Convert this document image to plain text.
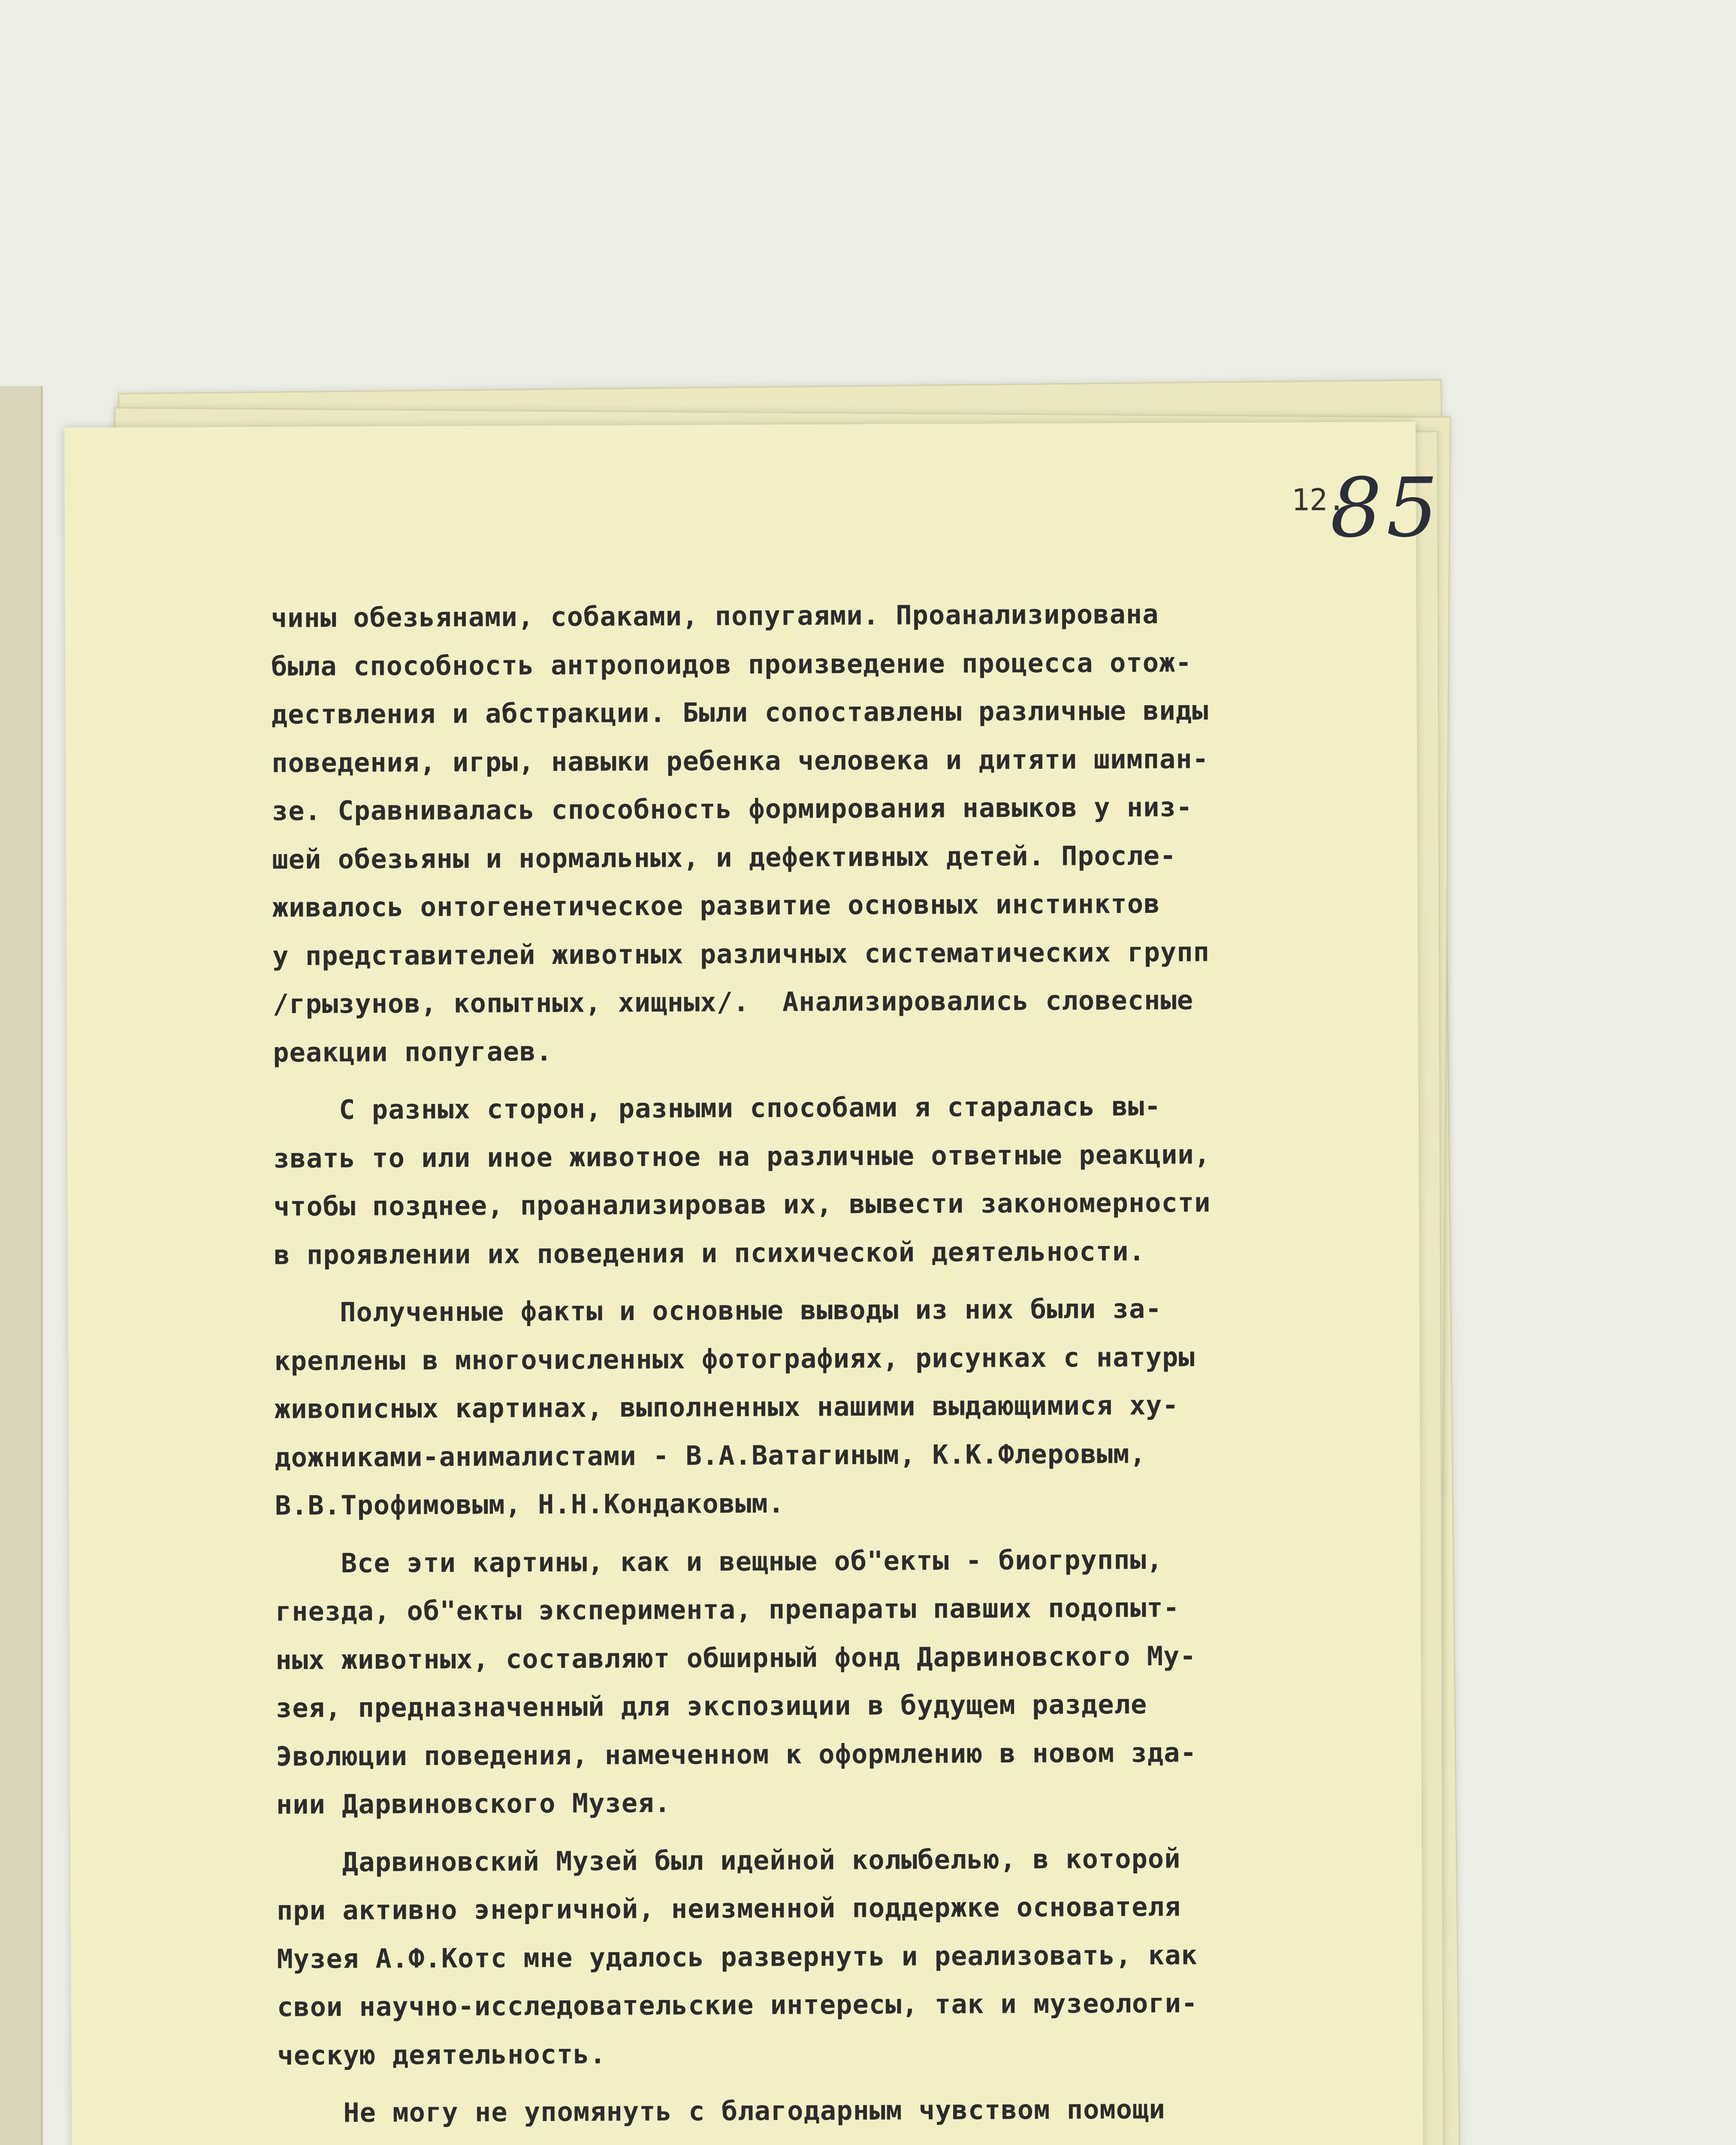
12.
85
чины обезьянами, собаками, попугаями. Проанализирована
была способность антропоидов произведение процесса отож-
дествления и абстракции. Были сопоставлены различные виды
поведения, игры, навыки ребенка человека и дитяти шимпан-
зе. Сравнивалась способность формирования навыков у низ-
шей обезьяны и нормальных, и дефективных детей. Просле-
живалось онтогенетическое развитие основных инстинктов
у представителей животных различных систематических групп
/грызунов, копытных, хищных/.  Анализировались словесные
реакции попугаев.
С разных сторон, разными способами я старалась вы-
звать то или иное животное на различные ответные реакции,
чтобы позднее, проанализировав их, вывести закономерности
в проявлении их поведения и психической деятельности.
Полученные факты и основные выводы из них были за-
креплены в многочисленных фотографиях, рисунках с натуры
живописных картинах, выполненных нашими выдающимися ху-
дожниками-анималистами - В.А.Ватагиным, К.К.Флеровым,
В.В.Трофимовым, Н.Н.Кондаковым.
Все эти картины, как и вещные об"екты - биогруппы,
гнезда, об"екты эксперимента, препараты павших подопыт-
ных животных, составляют обширный фонд Дарвиновского Му-
зея, предназначенный для экспозиции в будущем разделе
Эволюции поведения, намеченном к оформлению в новом зда-
нии Дарвиновского Музея.
Дарвиновский Музей был идейной колыбелью, в которой
при активно энергичной, неизменной поддержке основателя
Музея А.Ф.Котс мне удалось развернуть и реализовать, как
свои научно-исследовательские интересы, так и музеологи-
ческую деятельность.
Не могу не упомянуть с благодарным чувством помощи
